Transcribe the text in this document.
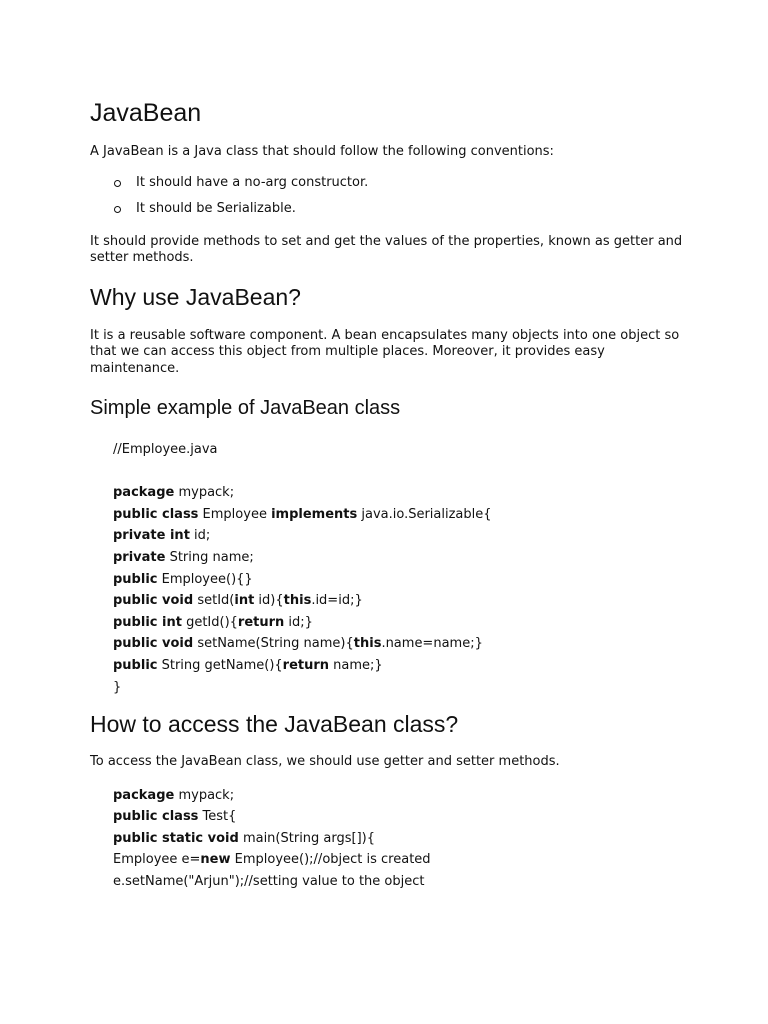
JavaBean

A JavaBean is a Java class that should follow the following conventions:

It should have a no-arg constructor.
It should be Serializable.

It should provide methods to set and get the values of the properties, known as getter and setter methods.

Why use JavaBean?

It is a reusable software component. A bean encapsulates many objects into one object so that we can access this object from multiple places. Moreover, it provides easy maintenance.

Simple example of JavaBean class
//Employee.java
package mypack;
public class Employee implements java.io.Serializable{
private int id;
private String name;
public Employee(){}
public void setId(int id){this.id=id;}
public int getId(){return id;}
public void setName(String name){this.name=name;}
public String getName(){return name;}
}
How to access the JavaBean class?

To access the JavaBean class, we should use getter and setter methods.

package mypack;
public class Test{
public static void main(String args[]){
Employee e=new Employee();//object is created
e.setName("Arjun");//setting value to the object
